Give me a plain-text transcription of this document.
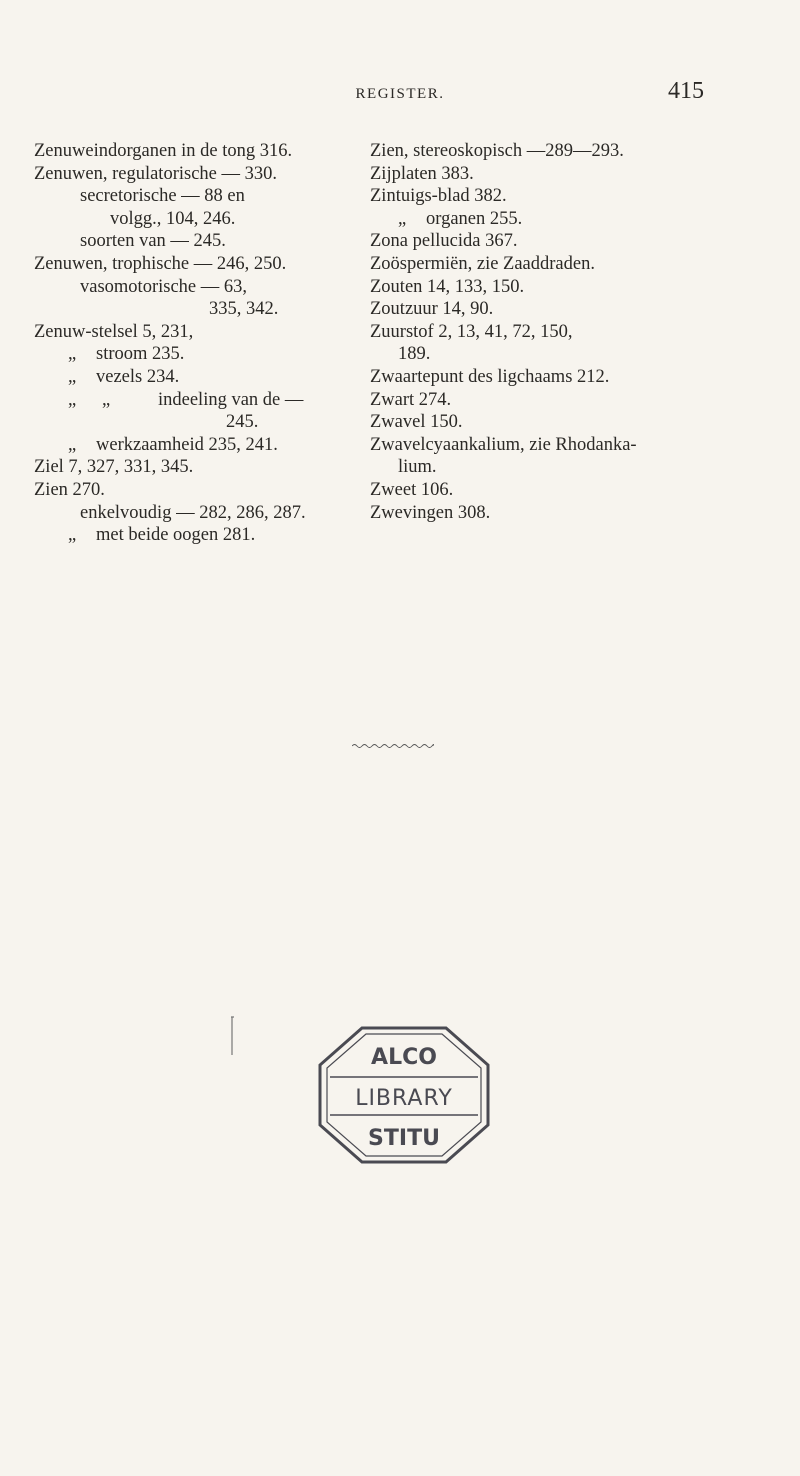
REGISTER.	415
Zenuweindorganen in de tong 316.
Zenuwen, regulatorische — 330.
secretorische — 88 en
volgg., 104, 246.
soorten van — 245.
Zenuwen, trophische — 246, 250.
vasomotorische — 63,
335, 342.
Zenuw-stelsel 5, 231,
„ stroom 235.
„ vezels 234.
„ „	indeeling van de —
245.
„ werkzaamheid 235, 241.
Ziel 7, 327, 331, 345.
Zien 270.
enkelvoudig — 282, 286, 287.
„ met beide oogen 281.
Zien, stereoskopisch —289—293.
Zijplaten 383.
Zintuigs-blad 382.
„ organen 255.
Zona pellucida 367.
Zoöspermiën, zie Zaaddraden.
Zouten 14, 133, 150.
Zoutzuur 14, 90.
Zuurstof 2, 13, 41, 72, 150,
189.
Zwaartepunt des ligchaams 212.
Zwart 274.
Zwavel 150.
Zwavelcyaankalium, zie Rhodanka-
lium.
Zweet 106.
Zwevingen 308.
ALCO
LIBRARY
STITU
